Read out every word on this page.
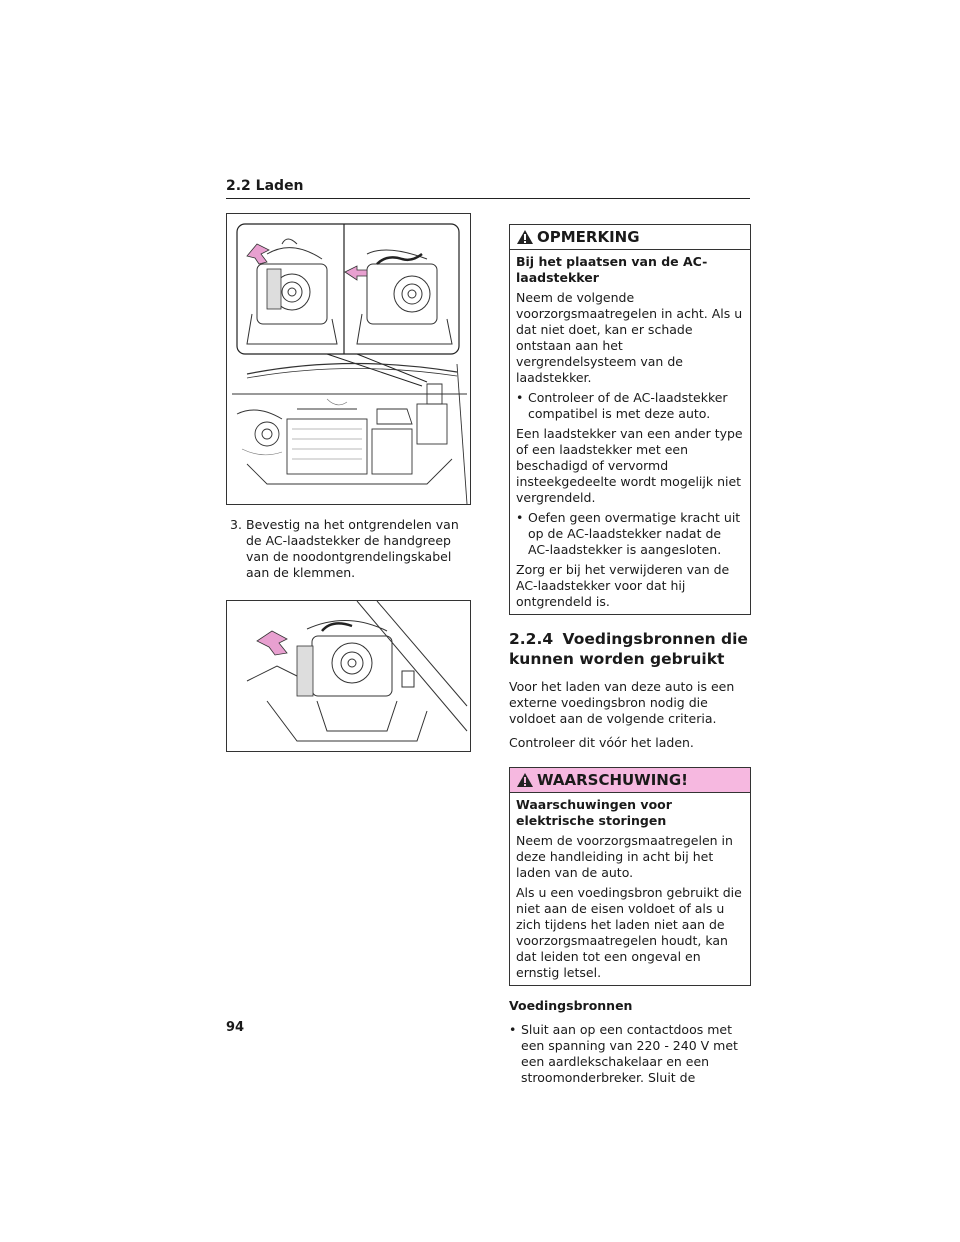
2.2 Laden
3. Bevestig na het ontgrendelen van de AC-laadstekker de handgreep van de noodontgrendelingskabel aan de klemmen.
OPMERKING

Bij het plaatsen van de AC-laadstekker

Neem de volgende voorzorgsmaatregelen in acht. Als u dat niet doet, kan er schade ontstaan aan het vergrendelsysteem van de laadstekker.

• Controleer of de AC-laadstekker compatibel is met deze auto.

Een laadstekker van een ander type of een laadstekker met een beschadigd of vervormd insteekgedeelte wordt mogelijk niet vergrendeld.

• Oefen geen overmatige kracht uit op de AC-laadstekker nadat de AC-laadstekker is aangesloten.

Zorg er bij het verwijderen van de AC-laadstekker voor dat hij ontgrendeld is.

2.2.4 Voedingsbronnen die kunnen worden gebruikt

Voor het laden van deze auto is een externe voedingsbron nodig die voldoet aan de volgende criteria.

Controleer dit vóór het laden.

WAARSCHUWING!

Waarschuwingen voor elektrische storingen

Neem de voorzorgsmaatregelen in deze handleiding in acht bij het laden van de auto.

Als u een voedingsbron gebruikt die niet aan de eisen voldoet of als u zich tijdens het laden niet aan de voorzorgsmaatregelen houdt, kan dat leiden tot een ongeval en ernstig letsel.

Voedingsbronnen

• Sluit aan op een contactdoos met een spanning van 220 - 240 V met een aardlekschakelaar en een stroomonderbreker. Sluit de
94
